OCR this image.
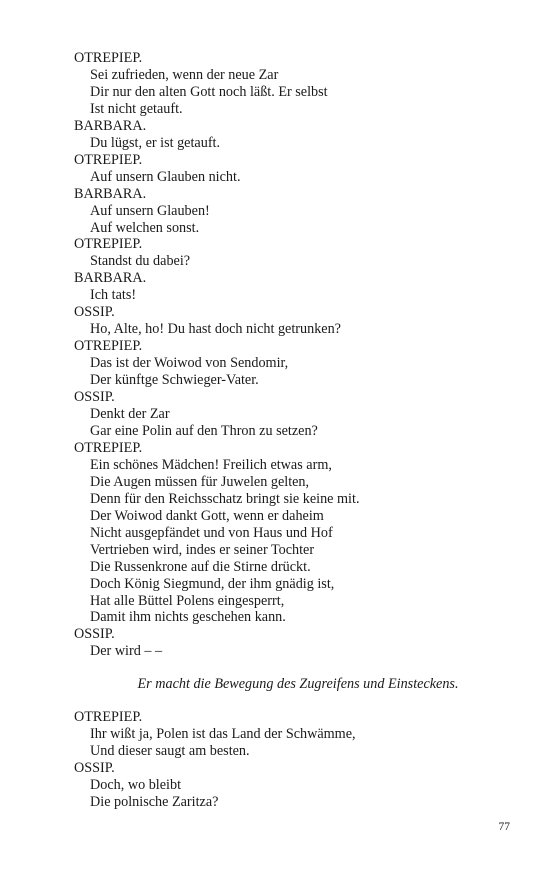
OTREPIEP.
Sei zufrieden, wenn der neue Zar
Dir nur den alten Gott noch läßt. Er selbst
Ist nicht getauft.
BARBARA.
Du lügst, er ist getauft.
OTREPIEP.
Auf unsern Glauben nicht.
BARBARA.
Auf unsern Glauben!
Auf welchen sonst.
OTREPIEP.
Standst du dabei?
BARBARA.
Ich tats!
OSSIP.
Ho, Alte, ho! Du hast doch nicht getrunken?
OTREPIEP.
Das ist der Woiwod von Sendomir,
Der künftge Schwieger-Vater.
OSSIP.
Denkt der Zar
Gar eine Polin auf den Thron zu setzen?
OTREPIEP.
Ein schönes Mädchen! Freilich etwas arm,
Die Augen müssen für Juwelen gelten,
Denn für den Reichsschatz bringt sie keine mit.
Der Woiwod dankt Gott, wenn er daheim
Nicht ausgepfändet und von Haus und Hof
Vertrieben wird, indes er seiner Tochter
Die Russenkrone auf die Stirne drückt.
Doch König Siegmund, der ihm gnädig ist,
Hat alle Büttel Polens eingesperrt,
Damit ihm nichts geschehen kann.
OSSIP.
Der wird – –
Er macht die Bewegung des Zugreifens und Einsteckens.
OTREPIEP.
Ihr wißt ja, Polen ist das Land der Schwämme,
Und dieser saugt am besten.
OSSIP.
Doch, wo bleibt
Die polnische Zaritza?
77
